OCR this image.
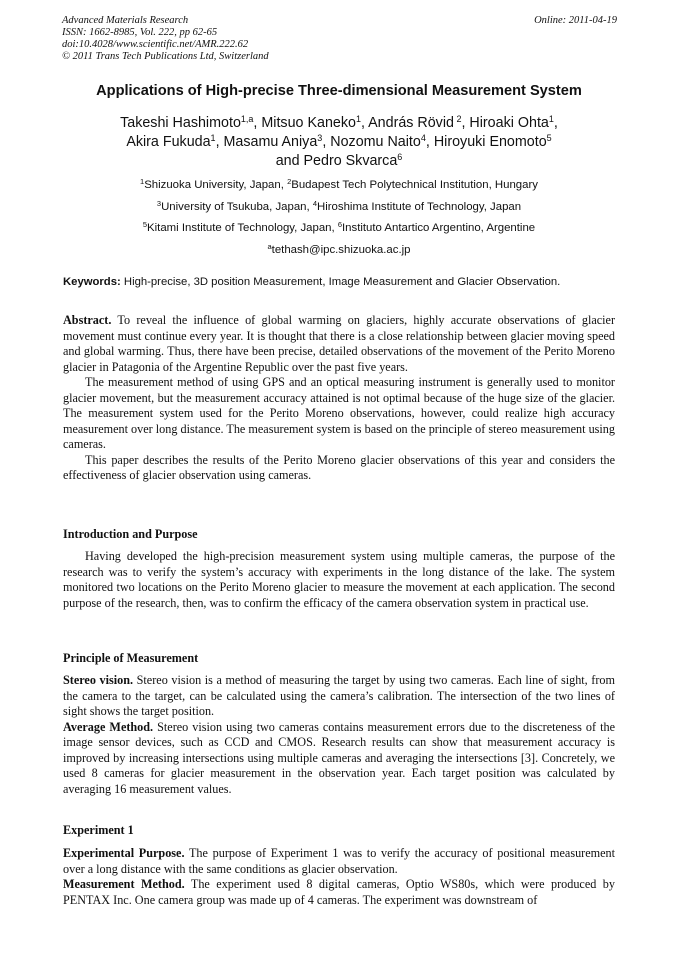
Advanced Materials Research
ISSN: 1662-8985, Vol. 222, pp 62-65
doi:10.4028/www.scientific.net/AMR.222.62
© 2011 Trans Tech Publications Ltd, Switzerland
Online: 2011-04-19
Applications of High-precise Three-dimensional Measurement System
Takeshi Hashimoto$^{1,a}$, Mitsuo Kaneko$^1$, András Rövid $^2$, Hiroaki Ohta$^1$,
Akira Fukuda$^1$, Masamu Aniya$^3$, Nozomu Naito$^4$, Hiroyuki Enomoto$^5$
and Pedro Skvarca$^6$
$^1$Shizuoka University, Japan, $^2$Budapest Tech Polytechnical Institution, Hungary
$^3$University of Tsukuba, Japan, $^4$Hiroshima Institute of Technology, Japan
$^5$Kitami Institute of Technology, Japan, $^6$Instituto Antartico Argentino, Argentine
$^a$tethash@ipc.shizuoka.ac.jp
Keywords: High-precise, 3D position Measurement, Image Measurement and Glacier Observation.

Abstract. To reveal the influence of global warming on glaciers, highly accurate observations of glacier movement must continue every year. It is thought that there is a close relationship between glacier moving speed and global warming. Thus, there have been precise, detailed observations of the movement of the Perito Moreno glacier in Patagonia of the Argentine Republic over the past five years.

The measurement method of using GPS and an optical measuring instrument is generally used to monitor glacier movement, but the measurement accuracy attained is not optimal because of the huge size of the glacier. The measurement system used for the Perito Moreno observations, however, could realize high accuracy measurement over long distance. The measurement system is based on the principle of stereo measurement using cameras.

This paper describes the results of the Perito Moreno glacier observations of this year and considers the effectiveness of glacier observation using cameras.

Introduction and Purpose

Having developed the high-precision measurement system using multiple cameras, the purpose of the research was to verify the system’s accuracy with experiments in the long distance of the lake. The system monitored two locations on the Perito Moreno glacier to measure the movement at each application. The second purpose of the research, then, was to confirm the efficacy of the camera observation system in practical use.

Principle of Measurement

Stereo vision. Stereo vision is a method of measuring the target by using two cameras. Each line of sight, from the camera to the target, can be calculated using the camera’s calibration. The intersection of the two lines of sight shows the target position.

Average Method. Stereo vision using two cameras contains measurement errors due to the discreteness of the image sensor devices, such as CCD and CMOS. Research results can show that measurement accuracy is improved by increasing intersections using multiple cameras and averaging the intersections [3]. Concretely, we used 8 cameras for glacier measurement in the observation year. Each target position was calculated by averaging 16 measurement values.

Experiment 1

Experimental Purpose. The purpose of Experiment 1 was to verify the accuracy of positional measurement over a long distance with the same conditions as glacier observation.

Measurement Method. The experiment used 8 digital cameras, Optio WS80s, which were produced by PENTAX Inc. One camera group was made up of 4 cameras. The experiment was downstream of
